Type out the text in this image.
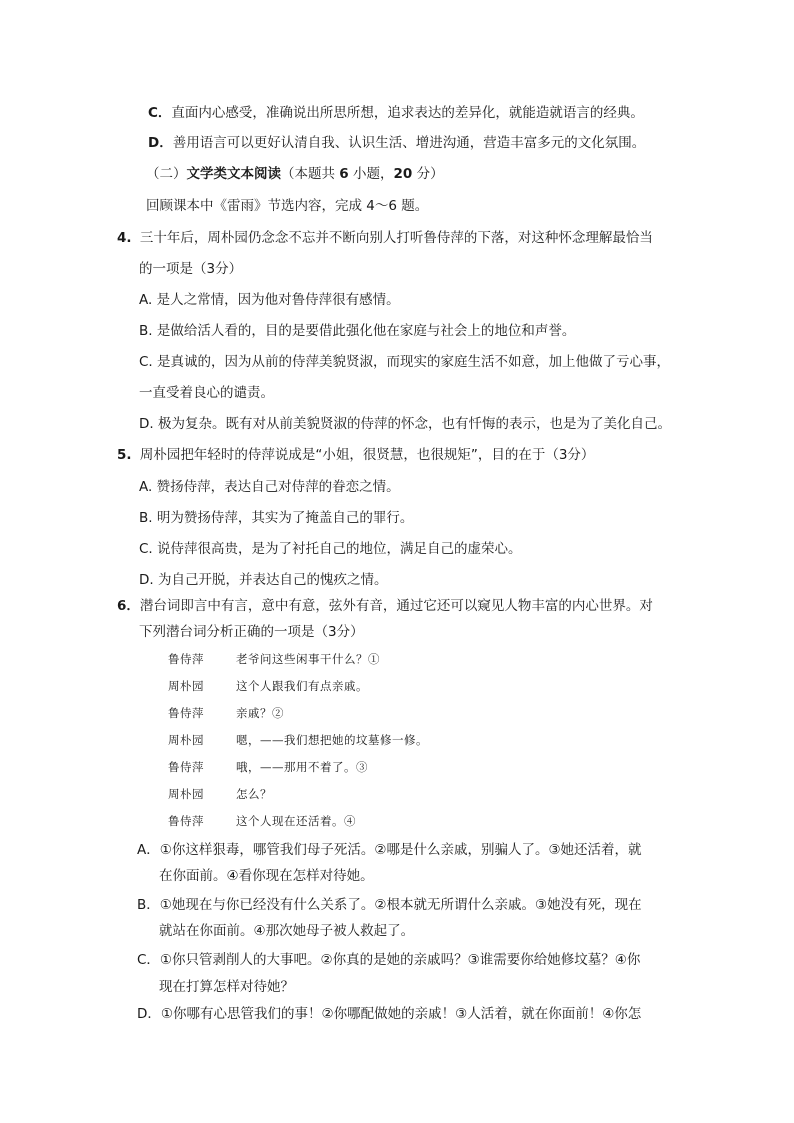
C．直面内心感受，准确说出所思所想，追求表达的差异化，就能造就语言的经典。
D．善用语言可以更好认清自我、认识生活、增进沟通，营造丰富多元的文化氛围。
（二）文学类文本阅读（本题共 6 小题，20 分）
回顾课本中《雷雨》节选内容，完成 4～6 题。
4. 三十年后，周朴园仍念念不忘并不断向别人打听鲁侍萍的下落，对这种怀念理解最恰当
的一项是（3分）
A. 是人之常情，因为他对鲁侍萍很有感情。
B. 是做给活人看的，目的是要借此强化他在家庭与社会上的地位和声誉。
C. 是真诚的，因为从前的侍萍美貌贤淑，而现实的家庭生活不如意，加上他做了亏心事，
一直受着良心的谴责。
D. 极为复杂。既有对从前美貌贤淑的侍萍的怀念，也有忏悔的表示，也是为了美化自己。
5. 周朴园把年轻时的侍萍说成是“小姐，很贤慧，也很规矩”，目的在于（3分）
A. 赞扬侍萍，表达自己对侍萍的眷恋之情。
B. 明为赞扬侍萍，其实为了掩盖自己的罪行。
C. 说侍萍很高贵，是为了衬托自己的地位，满足自己的虚荣心。
D. 为自己开脱，并表达自己的愧疚之情。
6．潜台词即言中有言，意中有意，弦外有音，通过它还可以窥见人物丰富的内心世界。对
下列潜台词分析正确的一项是（3分）
鲁侍萍	老爷问这些闲事干什么？①
周朴园	这个人跟我们有点亲戚。
鲁侍萍	亲戚？②
周朴园	嗯，——我们想把她的坟墓修一修。
鲁侍萍	哦，——那用不着了。③
周朴园	怎么？
鲁侍萍	这个人现在还活着。④
A．①你这样狠毒，哪管我们母子死活。②哪是什么亲戚，别骗人了。③她还活着，就
在你面前。④看你现在怎样对待她。
B．①她现在与你已经没有什么关系了。②根本就无所谓什么亲戚。③她没有死，现在
就站在你面前。④那次她母子被人救起了。
C．①你只管剥削人的大事吧。②你真的是她的亲戚吗？③谁需要你给她修坟墓？④你
现在打算怎样对待她？
D．①你哪有心思管我们的事！②你哪配做她的亲戚！③人活着，就在你面前！④你怎
